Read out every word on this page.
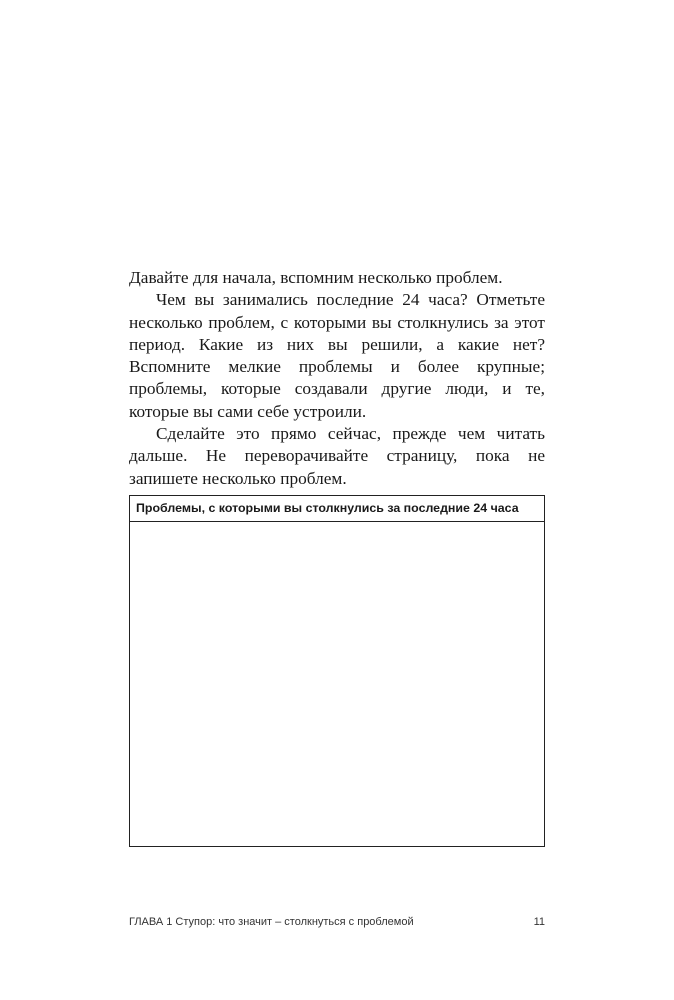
Давайте для начала, вспомним несколько проблем.

Чем вы занимались последние 24 часа? Отметьте несколько проблем, с которыми вы столкнулись за этот период. Какие из них вы решили, а какие нет? Вспомните мелкие проблемы и более крупные; проблемы, которые создавали другие люди, и те, которые вы сами себе устроили.

Сделайте это прямо сейчас, прежде чем читать дальше. Не переворачивайте страницу, пока не запишете несколько проблем.

Проблемы, с которыми вы столкнулись за последние 24 часа
ГЛАВА 1 Ступор: что значит – столкнуться с проблемой	11
